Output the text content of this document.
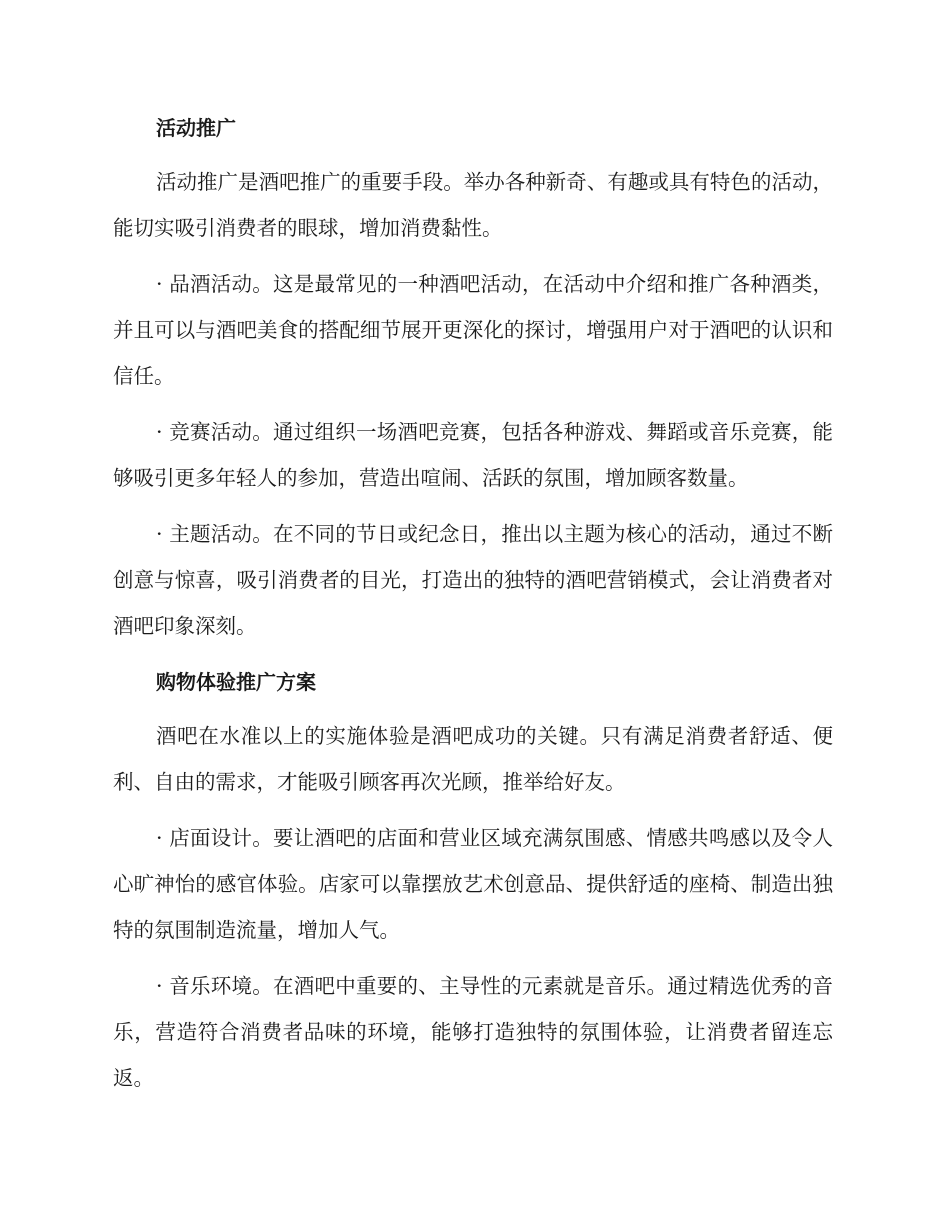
活动推广

活动推广是酒吧推广的重要手段。举办各种新奇、有趣或具有特色的活动，能切实吸引消费者的眼球，增加消费黏性。

· 品酒活动。这是最常见的一种酒吧活动，在活动中介绍和推广各种酒类，并且可以与酒吧美食的搭配细节展开更深化的探讨，增强用户对于酒吧的认识和信任。

· 竞赛活动。通过组织一场酒吧竞赛，包括各种游戏、舞蹈或音乐竞赛，能够吸引更多年轻人的参加，营造出喧闹、活跃的氛围，增加顾客数量。

· 主题活动。在不同的节日或纪念日，推出以主题为核心的活动，通过不断创意与惊喜，吸引消费者的目光，打造出的独特的酒吧营销模式，会让消费者对酒吧印象深刻。

购物体验推广方案

酒吧在水准以上的实施体验是酒吧成功的关键。只有满足消费者舒适、便利、自由的需求，才能吸引顾客再次光顾，推举给好友。

· 店面设计。要让酒吧的店面和营业区域充满氛围感、情感共鸣感以及令人心旷神怡的感官体验。店家可以靠摆放艺术创意品、提供舒适的座椅、制造出独特的氛围制造流量，增加人气。

· 音乐环境。在酒吧中重要的、主导性的元素就是音乐。通过精选优秀的音乐，营造符合消费者品味的环境，能够打造独特的氛围体验，让消费者留连忘返。
